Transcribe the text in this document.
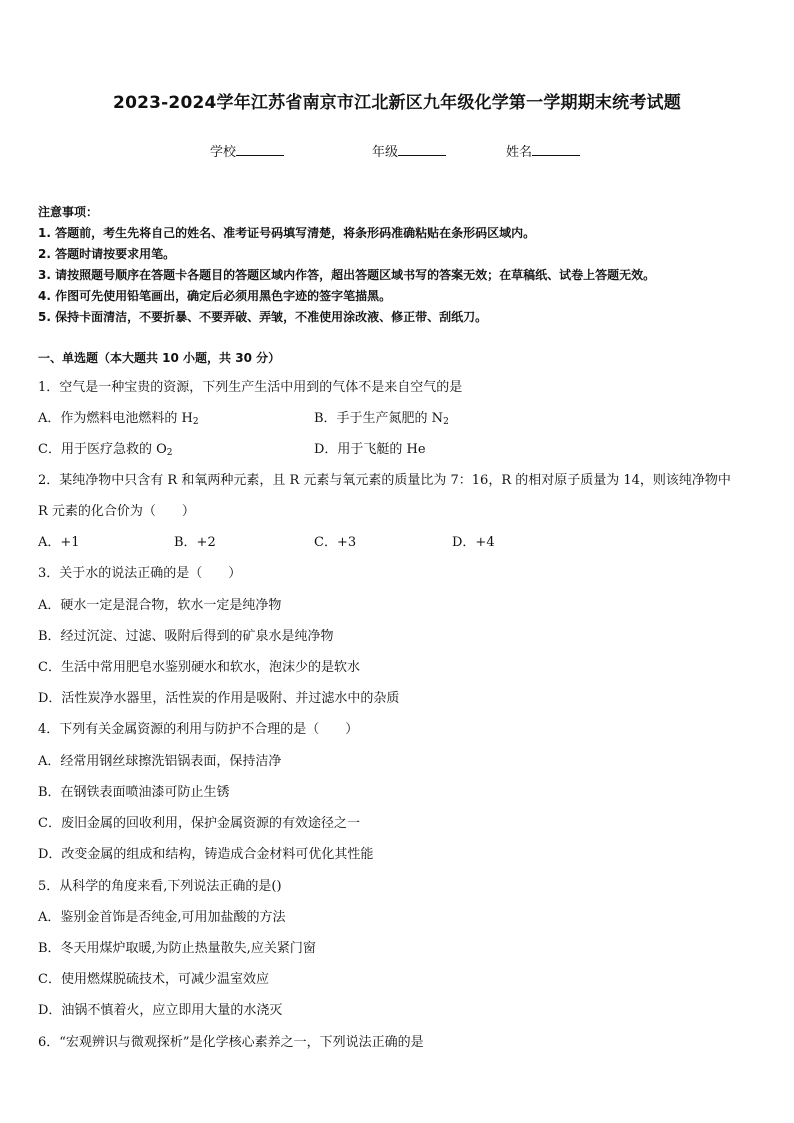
2023-2024学年江苏省南京市江北新区九年级化学第一学期期末统考试题
学校	年级	姓名
注意事项：
1. 答题前，考生先将自己的姓名、准考证号码填写清楚，将条形码准确粘贴在条形码区域内。
2. 答题时请按要求用笔。
3. 请按照题号顺序在答题卡各题目的答题区域内作答，超出答题区域书写的答案无效；在草稿纸、试卷上答题无效。
4. 作图可先使用铅笔画出，确定后必须用黑色字迹的签字笔描黑。
5. 保持卡面清洁，不要折暴、不要弄破、弄皱，不准使用涂改液、修正带、刮纸刀。
一、单选题（本大题共 10 小题，共 30 分）
1．空气是一种宝贵的资源，下列生产生活中用到的气体不是来自空气的是
A．作为燃料电池燃料的 $H_2$	B．手于生产氮肥的 $N_2$
C．用于医疗急救的 $O_2$	D．用于飞艇的 He
2．某纯净物中只含有 R 和氧两种元素，且 R 元素与氧元素的质量比为 7：16，R 的相对原子质量为 14，则该纯净物中
R 元素的化合价为（　　）
A．+1	B．+2	C．+3	D．+4
3．关于水的说法正确的是（　　）
A．硬水一定是混合物，软水一定是纯净物
B．经过沉淀、过滤、吸附后得到的矿泉水是纯净物
C．生活中常用肥皂水鉴别硬水和软水，泡沫少的是软水
D．活性炭净水器里，活性炭的作用是吸附、并过滤水中的杂质
4．下列有关金属资源的利用与防护不合理的是（　　）
A．经常用钢丝球擦洗铝锅表面，保持洁净
B．在钢铁表面喷油漆可防止生锈
C．废旧金属的回收利用，保护金属资源的有效途径之一
D．改变金属的组成和结构，铸造成合金材料可优化其性能
5．从科学的角度来看,下列说法正确的是()
A．鉴别金首饰是否纯金,可用加盐酸的方法
B．冬天用煤炉取暖,为防止热量散失,应关紧门窗
C．使用燃煤脱硫技术，可减少温室效应
D．油锅不慎着火，应立即用大量的水浇灭
6．“宏观辨识与微观探析”是化学核心素养之一，下列说法正确的是
